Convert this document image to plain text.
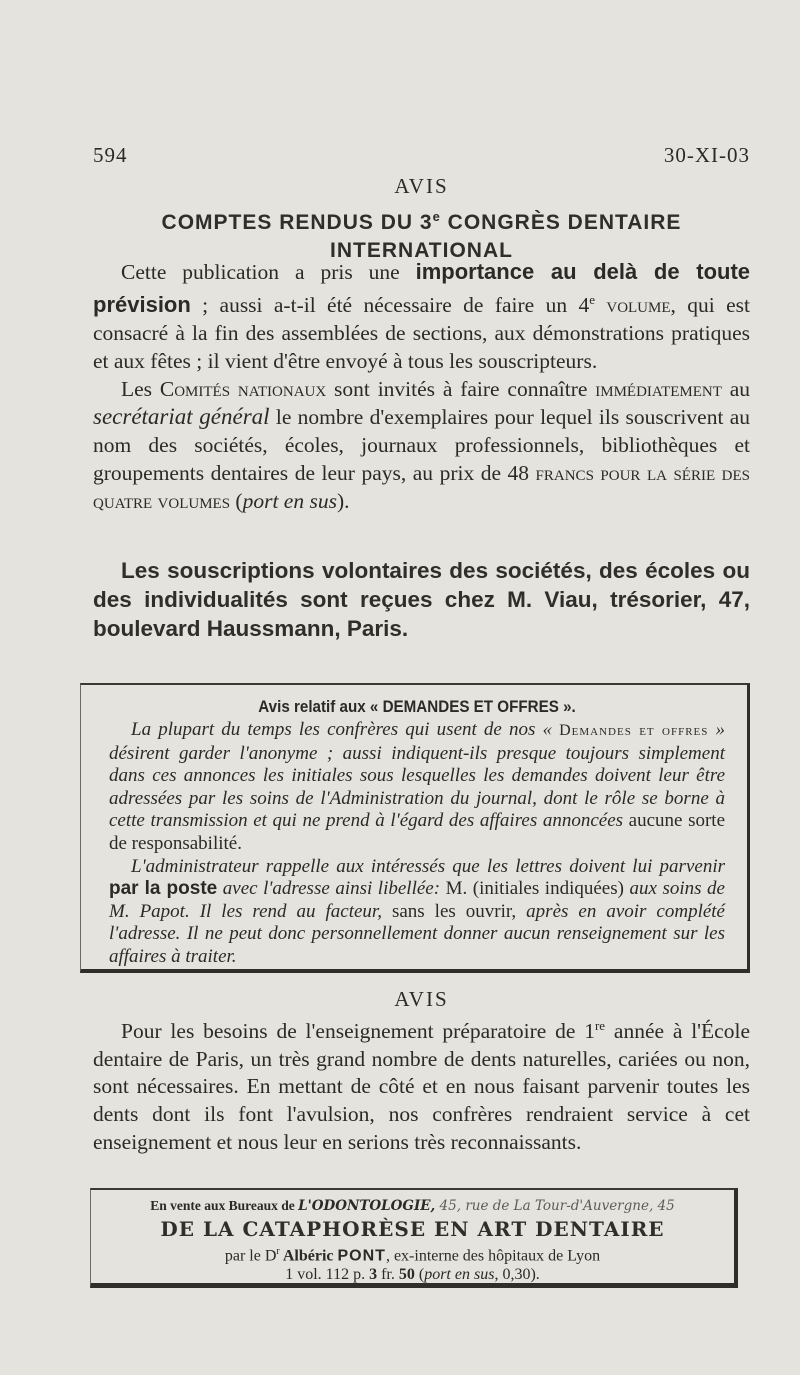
594	30-XI-03
AVIS
COMPTES RENDUS DU 3e CONGRÈS DENTAIRE INTERNATIONAL

Cette publication a pris une importance au delà de toute prévision ; aussi a-t-il été nécessaire de faire un 4e volume, qui est consacré à la fin des assemblées de sections, aux démonstrations pratiques et aux fêtes ; il vient d'être envoyé à tous les souscripteurs.

Les Comités nationaux sont invités à faire connaître immédiatement au secrétariat général le nombre d'exemplaires pour lequel ils souscrivent au nom des sociétés, écoles, journaux professionnels, bibliothèques et groupements dentaires de leur pays, au prix de 48 francs pour la série des quatre volumes (port en sus).

Les souscriptions volontaires des sociétés, des écoles ou des individualités sont reçues chez M. Viau, trésorier, 47, boulevard Haussmann, Paris.
Avis relatif aux « DEMANDES ET OFFRES ».

La plupart du temps les confrères qui usent de nos « Demandes et offres » désirent garder l'anonyme ; aussi indiquent-ils presque toujours simplement dans ces annonces les initiales sous lesquelles les demandes doivent leur être adressées par les soins de l'Administration du journal, dont le rôle se borne à cette transmission et qui ne prend à l'égard des affaires annoncées aucune sorte de responsabilité.

L'administrateur rappelle aux intéressés que les lettres doivent lui parvenir par la poste avec l'adresse ainsi libellée: M. (initiales indiquées) aux soins de M. Papot. Il les rend au facteur, sans les ouvrir, après en avoir complété l'adresse. Il ne peut donc personnellement donner aucun renseignement sur les affaires à traiter.

AVIS

Pour les besoins de l'enseignement préparatoire de 1re année à l'École dentaire de Paris, un très grand nombre de dents naturelles, cariées ou non, sont nécessaires. En mettant de côté et en nous faisant parvenir toutes les dents dont ils font l'avulsion, nos confrères rendraient service à cet enseignement et nous leur en serions très reconnaissants.

En vente aux Bureaux de L'ODONTOLOGIE, 45, rue de La Tour-d'Auvergne, 45
DE LA CATAPHORÈSE EN ART DENTAIRE
par le $D^r$ Albéric PONT, ex-interne des hôpitaux de Lyon
1 vol. 112 p. 3 fr. 50 (port en sus, 0,30).
